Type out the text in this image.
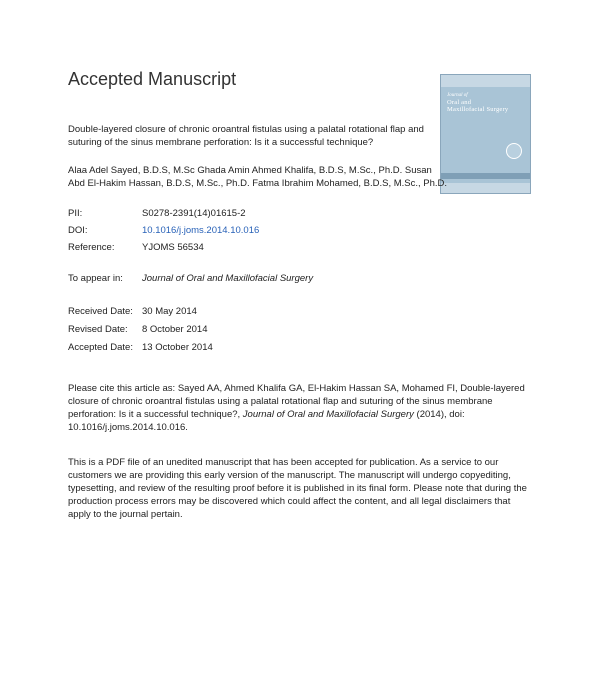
Accepted Manuscript
Journal of
Oral and
Maxillofacial Surgery

Double-layered closure of chronic oroantral fistulas using a palatal rotational flap and suturing of the sinus membrane perforation: Is it a successful technique?

Alaa Adel Sayed, B.D.S, M.Sc Ghada Amin Ahmed Khalifa, B.D.S, M.Sc., Ph.D. Susan Abd El-Hakim Hassan, B.D.S, M.Sc., Ph.D. Fatma Ibrahim Mohamed, B.D.S, M.Sc., Ph.D.

PII:	S0278-2391(14)01615-2
DOI:	10.1016/j.joms.2014.10.016
Reference:	YJOMS 56534
To appear in: Journal of Oral and Maxillofacial Surgery
Received Date: 30 May 2014
Revised Date: 8 October 2014
Accepted Date: 13 October 2014

Please cite this article as: Sayed AA, Ahmed Khalifa GA, El-Hakim Hassan SA, Mohamed FI, Double-layered closure of chronic oroantral fistulas using a palatal rotational flap and suturing of the sinus membrane perforation: Is it a successful technique?, Journal of Oral and Maxillofacial Surgery (2014), doi: 10.1016/j.joms.2014.10.016.

This is a PDF file of an unedited manuscript that has been accepted for publication. As a service to our customers we are providing this early version of the manuscript. The manuscript will undergo copyediting, typesetting, and review of the resulting proof before it is published in its final form. Please note that during the production process errors may be discovered which could affect the content, and all legal disclaimers that apply to the journal pertain.
